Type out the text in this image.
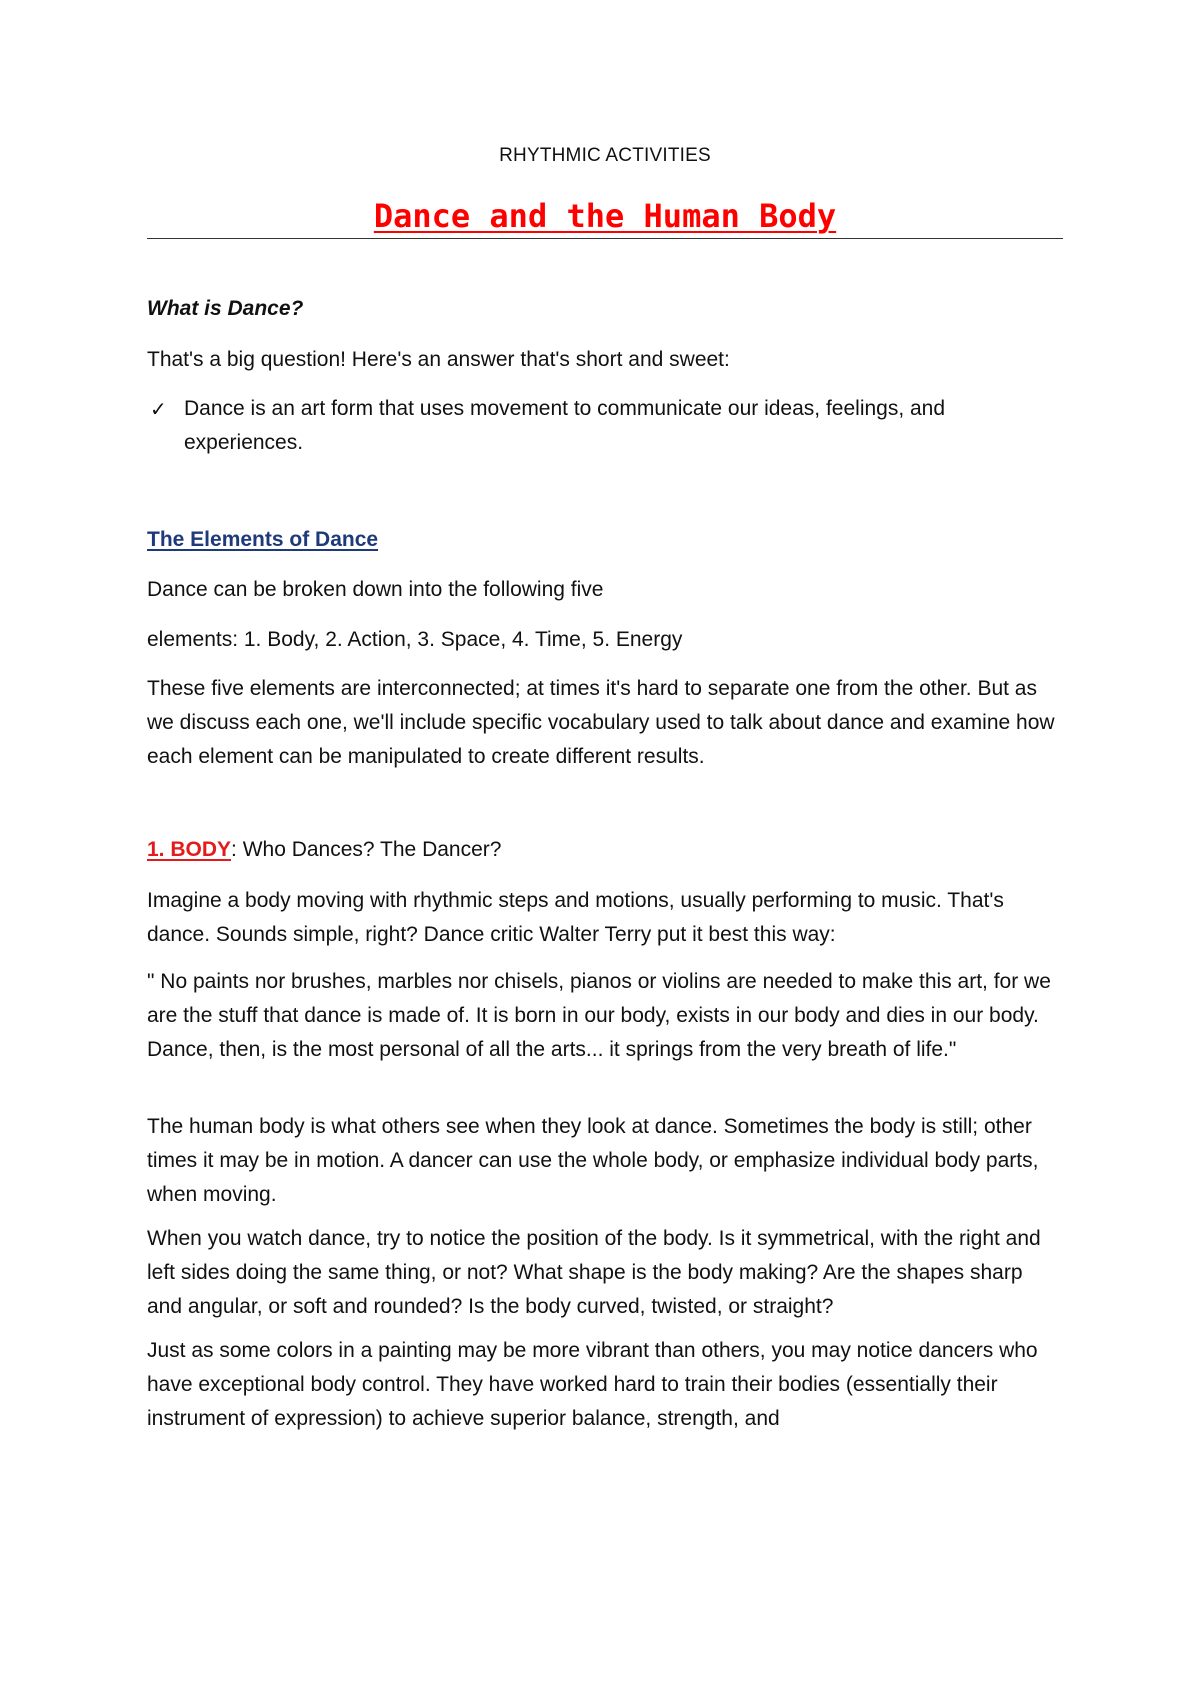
RHYTHMIC ACTIVITIES
Dance and the Human Body
What is Dance?
That's a big question! Here's an answer that's short and sweet:
✓ Dance is an art form that uses movement to communicate our ideas, feelings, and experiences.
The Elements of Dance
Dance can be broken down into the following five
elements: 1. Body, 2. Action, 3. Space, 4. Time, 5. Energy
These five elements are interconnected; at times it's hard to separate one from the other. But as we discuss each one, we'll include specific vocabulary used to talk about dance and examine how each element can be manipulated to create different results.
1. BODY: Who Dances? The Dancer?
Imagine a body moving with rhythmic steps and motions, usually performing to music. That's dance. Sounds simple, right? Dance critic Walter Terry put it best this way:
" No paints nor brushes, marbles nor chisels, pianos or violins are needed to make this art, for we are the stuff that dance is made of. It is born in our body, exists in our body and dies in our body. Dance, then, is the most personal of all the arts... it springs from the very breath of life."
The human body is what others see when they look at dance. Sometimes the body is still; other times it may be in motion. A dancer can use the whole body, or emphasize individual body parts, when moving.
When you watch dance, try to notice the position of the body. Is it symmetrical, with the right and left sides doing the same thing, or not? What shape is the body making? Are the shapes sharp and angular, or soft and rounded? Is the body curved, twisted, or straight?
Just as some colors in a painting may be more vibrant than others, you may notice dancers who have exceptional body control. They have worked hard to train their bodies (essentially their instrument of expression) to achieve superior balance, strength, and
